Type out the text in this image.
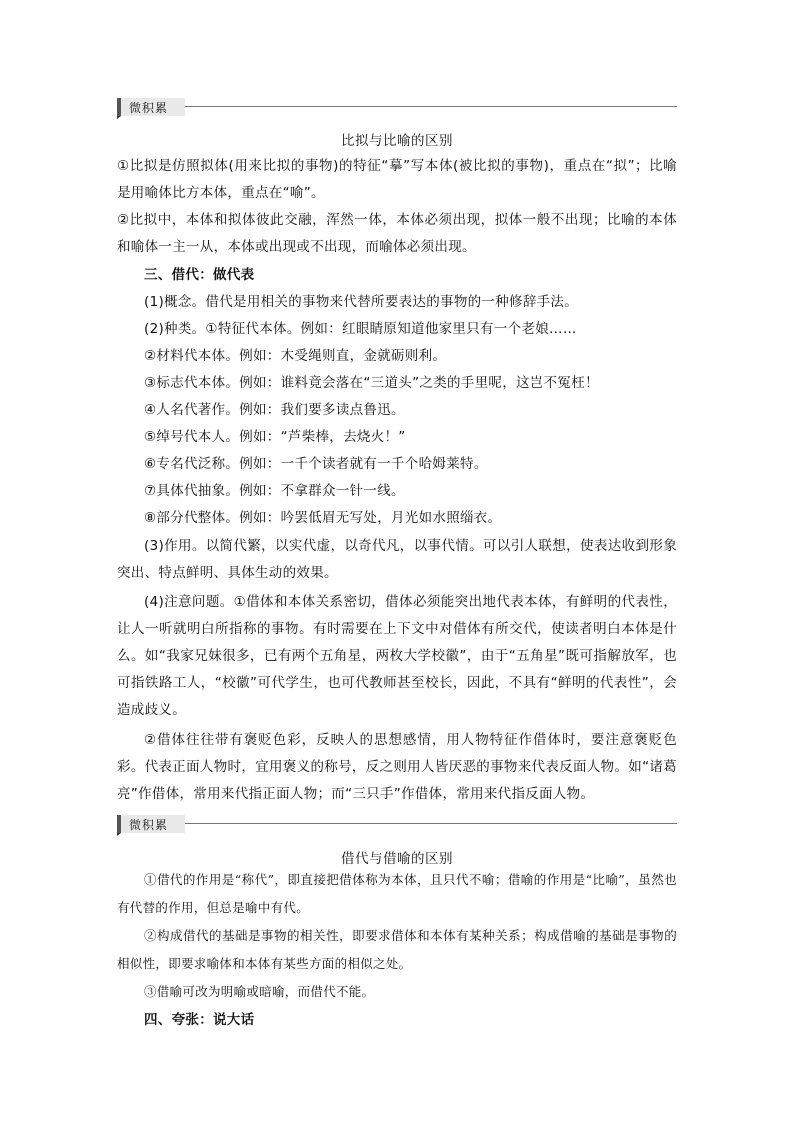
微积累
比拟与比喻的区别

①比拟是仿照拟体(用来比拟的事物)的特征“摹”写本体(被比拟的事物)，重点在“拟”；比喻是用喻体比方本体，重点在“喻”。

②比拟中，本体和拟体彼此交融，浑然一体，本体必须出现，拟体一般不出现；比喻的本体和喻体一主一从，本体或出现或不出现，而喻体必须出现。

三、借代：做代表

(1)概念。借代是用相关的事物来代替所要表达的事物的一种修辞手法。

(2)种类。①特征代本体。例如：红眼睛原知道他家里只有一个老娘……

②材料代本体。例如：木受绳则直，金就砺则利。

③标志代本体。例如：谁料竟会落在“三道头”之类的手里呢，这岂不冤枉！

④人名代著作。例如：我们要多读点鲁迅。

⑤绰号代本人。例如：“芦柴棒，去烧火！”

⑥专名代泛称。例如：一千个读者就有一千个哈姆莱特。

⑦具体代抽象。例如：不拿群众一针一线。

⑧部分代整体。例如：吟罢低眉无写处，月光如水照缁衣。

(3)作用。以简代繁，以实代虚，以奇代凡，以事代情。可以引人联想，使表达收到形象突出、特点鲜明、具体生动的效果。

(4)注意问题。①借体和本体关系密切，借体必须能突出地代表本体，有鲜明的代表性，让人一听就明白所指称的事物。有时需要在上下文中对借体有所交代，使读者明白本体是什么。如“我家兄妹很多，已有两个五角星，两枚大学校徽”，由于“五角星”既可指解放军，也可指铁路工人，“校徽”可代学生，也可代教师甚至校长，因此，不具有“鲜明的代表性”，会造成歧义。

②借体往往带有褒贬色彩，反映人的思想感情，用人物特征作借体时，要注意褒贬色彩。代表正面人物时，宜用褒义的称号，反之则用人皆厌恶的事物来代表反面人物。如“诸葛亮”作借体，常用来代指正面人物；而“三只手”作借体，常用来代指反面人物。

微积累
借代与借喻的区别

①借代的作用是“称代”，即直接把借体称为本体，且只代不喻；借喻的作用是“比喻”，虽然也有代替的作用，但总是喻中有代。

②构成借代的基础是事物的相关性，即要求借体和本体有某种关系；构成借喻的基础是事物的相似性，即要求喻体和本体有某些方面的相似之处。

③借喻可改为明喻或暗喻，而借代不能。

四、夸张：说大话
